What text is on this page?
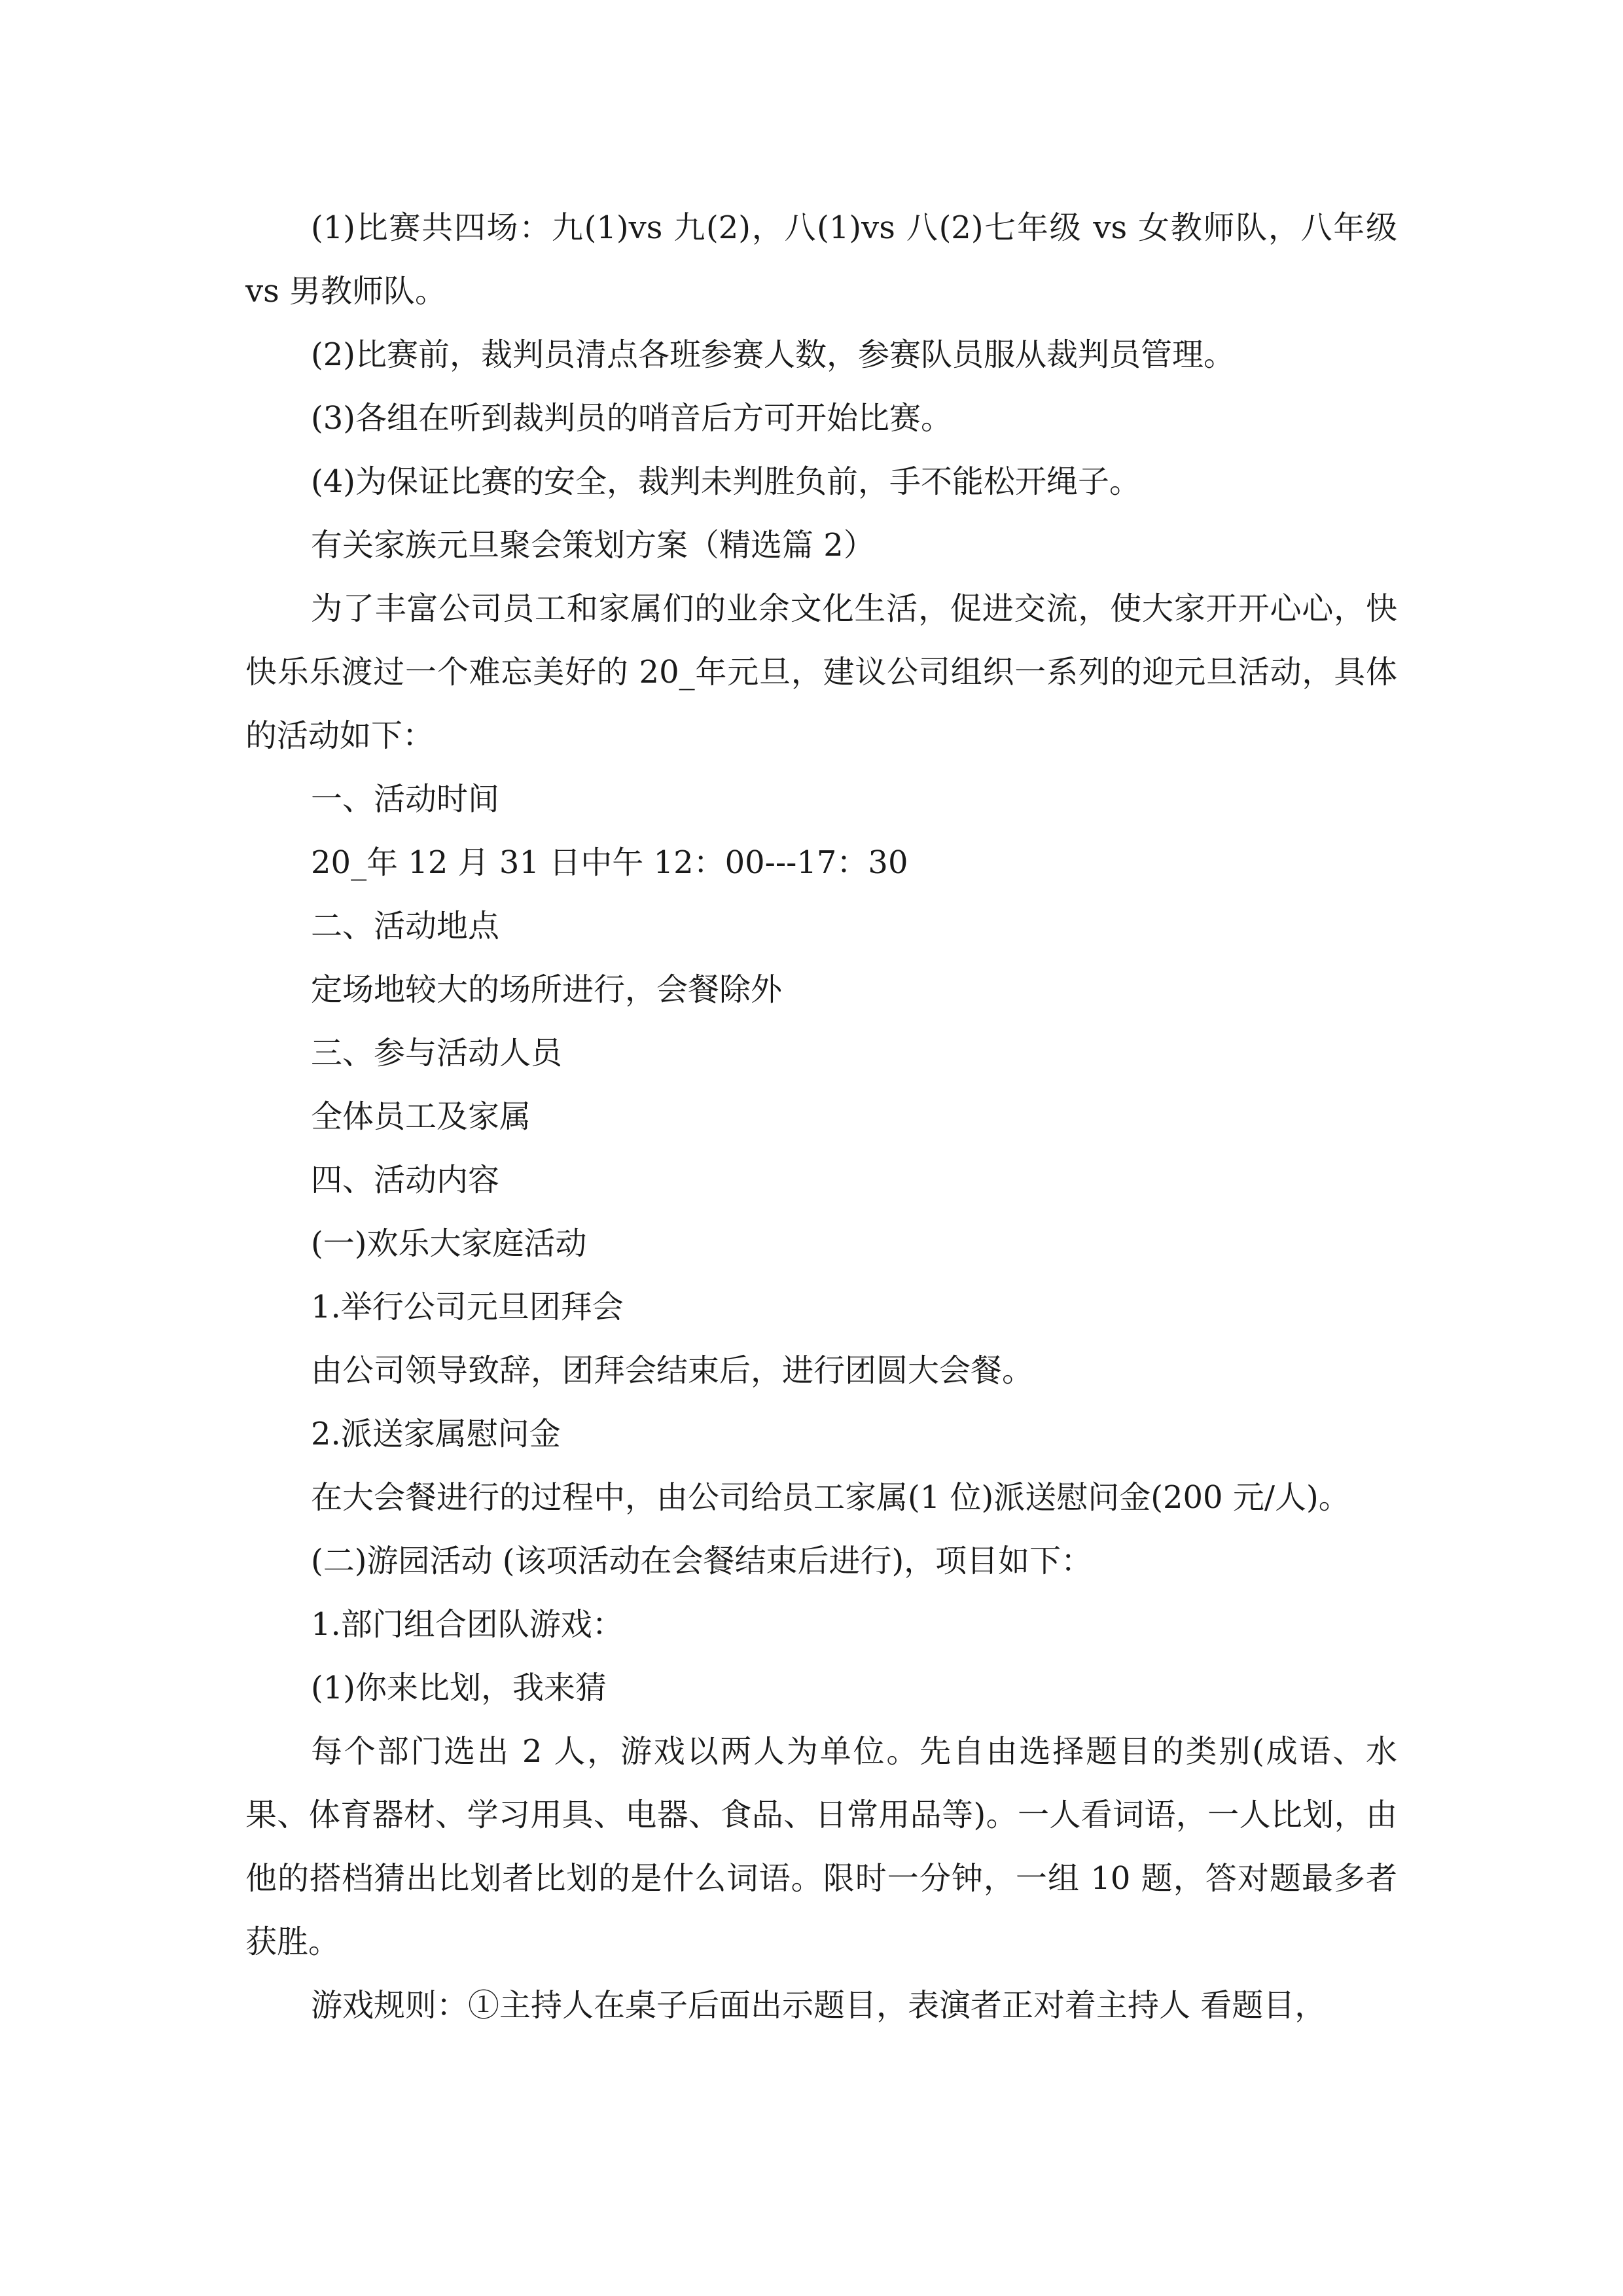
(1)比赛共四场：九(1)vs 九(2)，八(1)vs 八(2)七年级 vs 女教师队，八年级 vs 男教师队。

(2)比赛前，裁判员清点各班参赛人数，参赛队员服从裁判员管理。

(3)各组在听到裁判员的哨音后方可开始比赛。

(4)为保证比赛的安全，裁判未判胜负前，手不能松开绳子。

有关家族元旦聚会策划方案（精选篇 2）

为了丰富公司员工和家属们的业余文化生活，促进交流，使大家开开心心，快快乐乐渡过一个难忘美好的 20_年元旦，建议公司组织一系列的迎元旦活动，具体的活动如下：

一、活动时间

20_年 12 月 31 日中午 12：00---17：30

二、活动地点

定场地较大的场所进行，会餐除外

三、参与活动人员

全体员工及家属

四、活动内容

(一)欢乐大家庭活动

1.举行公司元旦团拜会

由公司领导致辞，团拜会结束后，进行团圆大会餐。

2.派送家属慰问金

在大会餐进行的过程中，由公司给员工家属(1 位)派送慰问金(200 元/人)。

(二)游园活动 (该项活动在会餐结束后进行)，项目如下：

1.部门组合团队游戏：

(1)你来比划，我来猜

每个部门选出 2 人，游戏以两人为单位。先自由选择题目的类别(成语、水果、体育器材、学习用具、电器、食品、日常用品等)。一人看词语，一人比划，由他的搭档猜出比划者比划的是什么词语。限时一分钟，一组 10 题，答对题最多者获胜。

游戏规则：①主持人在桌子后面出示题目，表演者正对着主持人 看题目，
